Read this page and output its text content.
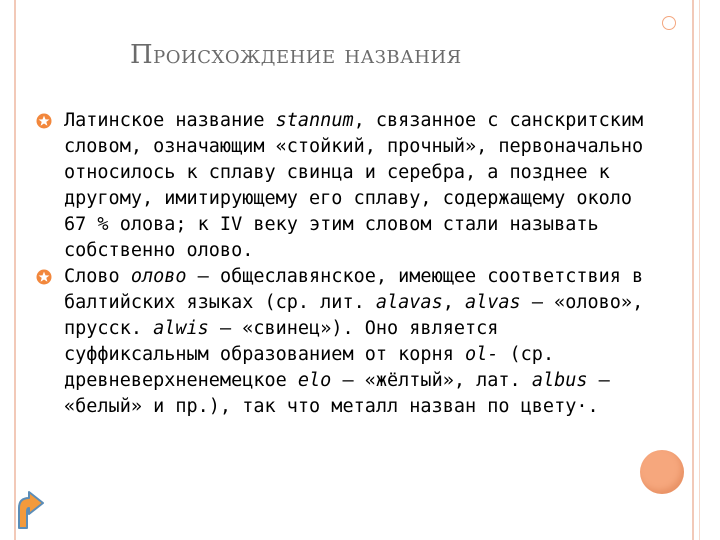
Происхождение названия
Латинское название stannum, связанное с санскритским словом, означающим «стойкий, прочный», первоначально относилось к сплаву свинца и серебра, а позднее к другому, имитирующему его сплаву, содержащему около 67 % олова; к IV веку этим словом стали называть собственно олово.
Слово олово — общеславянское, имеющее соответствия в балтийских языках (ср. лит. alavas, alvas — «олово», прусск. alwis — «свинец»). Оно является суффиксальным образованием от корня ol- (ср. древневерхненемецкое elo — «жёлтый», лат. albus — «белый» и пр.), так что металл назван по цвету·.
